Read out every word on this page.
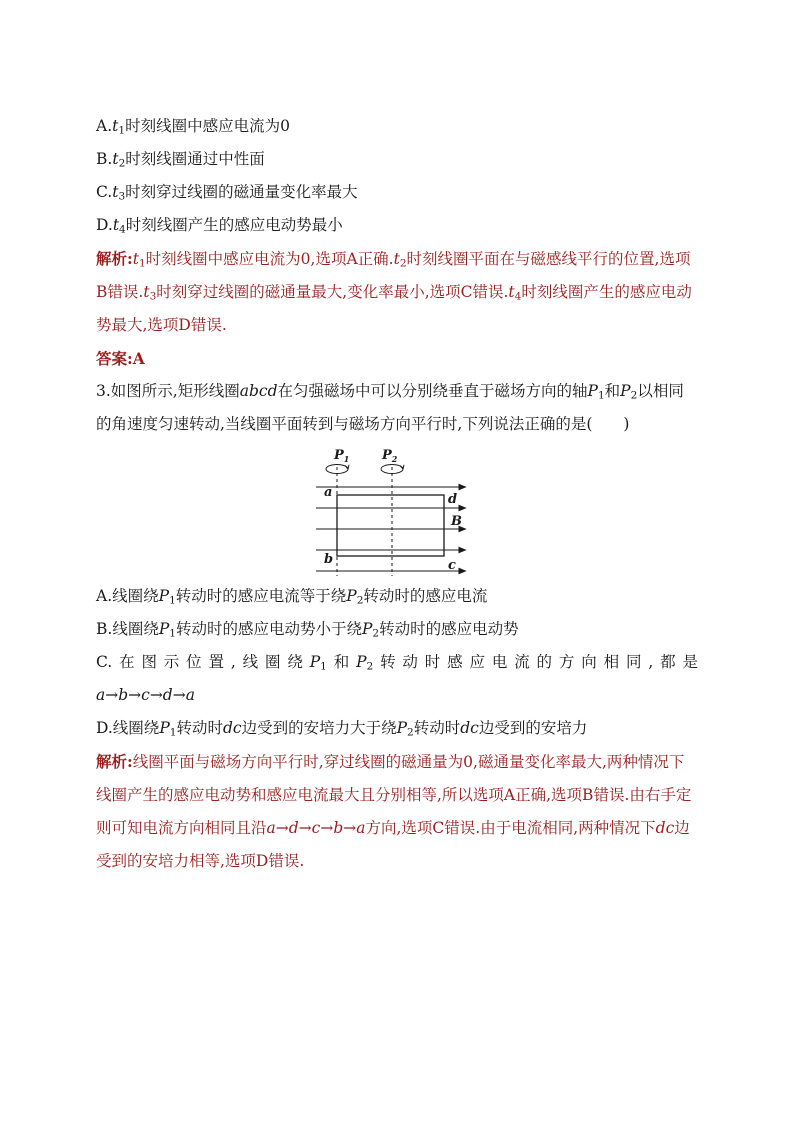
$A.t_1$时刻线圈中感应电流为0
$B.t_2$时刻线圈通过中性面
$C.t_3$时刻穿过线圈的磁通量变化率最大
$D.t_4$时刻线圈产生的感应电动势最小
解析$:t_1$时刻线圈中感应电流为0,选项A正确$.t_2$时刻线圈平面在与磁感线平行的位置,选项B错误$.t_3$时刻穿过线圈的磁通量最大,变化率最小,选项C错误$.t_4$时刻线圈产生的感应电动势最大,选项D错误.
答案:A
3.如图所示,矩形线圈abcd在匀强磁场中可以分别绕垂直于磁场方向的轴$P_1$和$P_2$以相同的角速度匀速转动,当线圈平面转到与磁场方向平行时,下列说法正确的是(　　)
$P_1$	$P_2$
a	d
b	c
B
A.线圈绕$P_1$转动时的感应电流等于绕$P_2$转动时的感应电流
B.线圈绕$P_1$转动时的感应电动势小于绕$P_2$转动时的感应电动势
C.在图示位置,线圈绕$P_1$和$P_2$转动时感应电流的方向相同,都是
a→b→c→d→a
D.线圈绕$P_1$转动时dc边受到的安培力大于绕$P_2$转动时dc边受到的安培力
解析:线圈平面与磁场方向平行时,穿过线圈的磁通量为0,磁通量变化率最大,两种情况下线圈产生的感应电动势和感应电流最大且分别相等,所以选项A正确,选项B错误.由右手定则可知电流方向相同且沿a→d→c→b→a方向,选项C错误.由于电流相同,两种情况下dc边受到的安培力相等,选项D错误.
